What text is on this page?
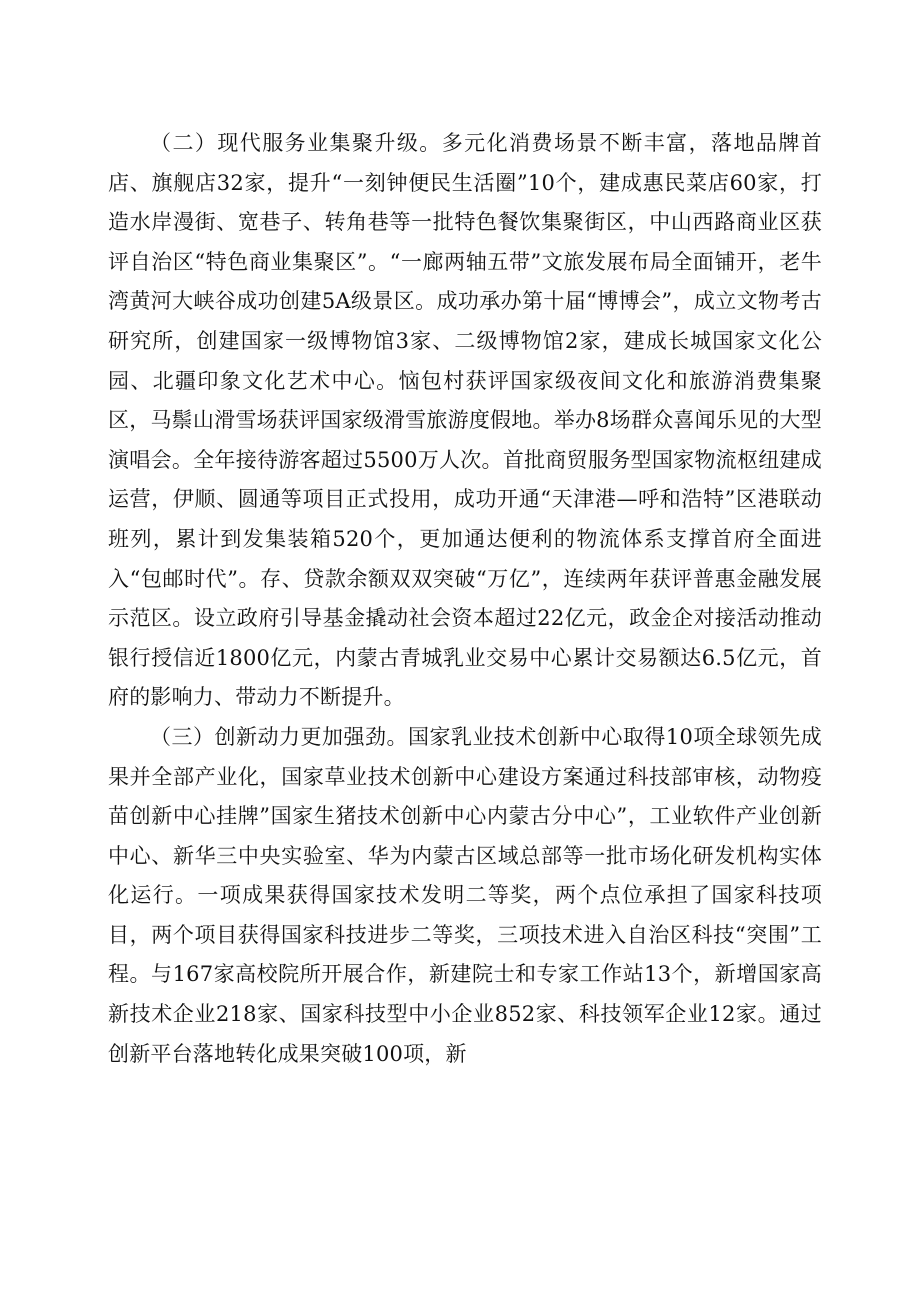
（二）现代服务业集聚升级。多元化消费场景不断丰富，落地品牌首店、旗舰店32家，提升“一刻钟便民生活圈”10个，建成惠民菜店60家，打造水岸漫街、宽巷子、转角巷等一批特色餐饮集聚街区，中山西路商业区获评自治区“特色商业集聚区”。“一廊两轴五带”文旅发展布局全面铺开，老牛湾黄河大峡谷成功创建5A级景区。成功承办第十届“博博会”，成立文物考古研究所，创建国家一级博物馆3家、二级博物馆2家，建成长城国家文化公园、北疆印象文化艺术中心。恼包村获评国家级夜间文化和旅游消费集聚区，马鬃山滑雪场获评国家级滑雪旅游度假地。举办8场群众喜闻乐见的大型演唱会。全年接待游客超过5500万人次。首批商贸服务型国家物流枢纽建成运营，伊顺、圆通等项目正式投用，成功开通“天津港—呼和浩特”区港联动班列，累计到发集装箱520个，更加通达便利的物流体系支撑首府全面进入“包邮时代”。存、贷款余额双双突破“万亿”，连续两年获评普惠金融发展示范区。设立政府引导基金撬动社会资本超过22亿元，政金企对接活动推动银行授信近1800亿元，内蒙古青城乳业交易中心累计交易额达6.5亿元，首府的影响力、带动力不断提升。

（三）创新动力更加强劲。国家乳业技术创新中心取得10项全球领先成果并全部产业化，国家草业技术创新中心建设方案通过科技部审核，动物疫苗创新中心挂牌”国家生猪技术创新中心内蒙古分中心”，工业软件产业创新中心、新华三中央实验室、华为内蒙古区域总部等一批市场化研发机构实体化运行。一项成果获得国家技术发明二等奖，两个点位承担了国家科技项目，两个项目获得国家科技进步二等奖，三项技术进入自治区科技“突围”工程。与167家高校院所开展合作，新建院士和专家工作站13个，新增国家高新技术企业218家、国家科技型中小企业852家、科技领军企业12家。通过创新平台落地转化成果突破100项，新
